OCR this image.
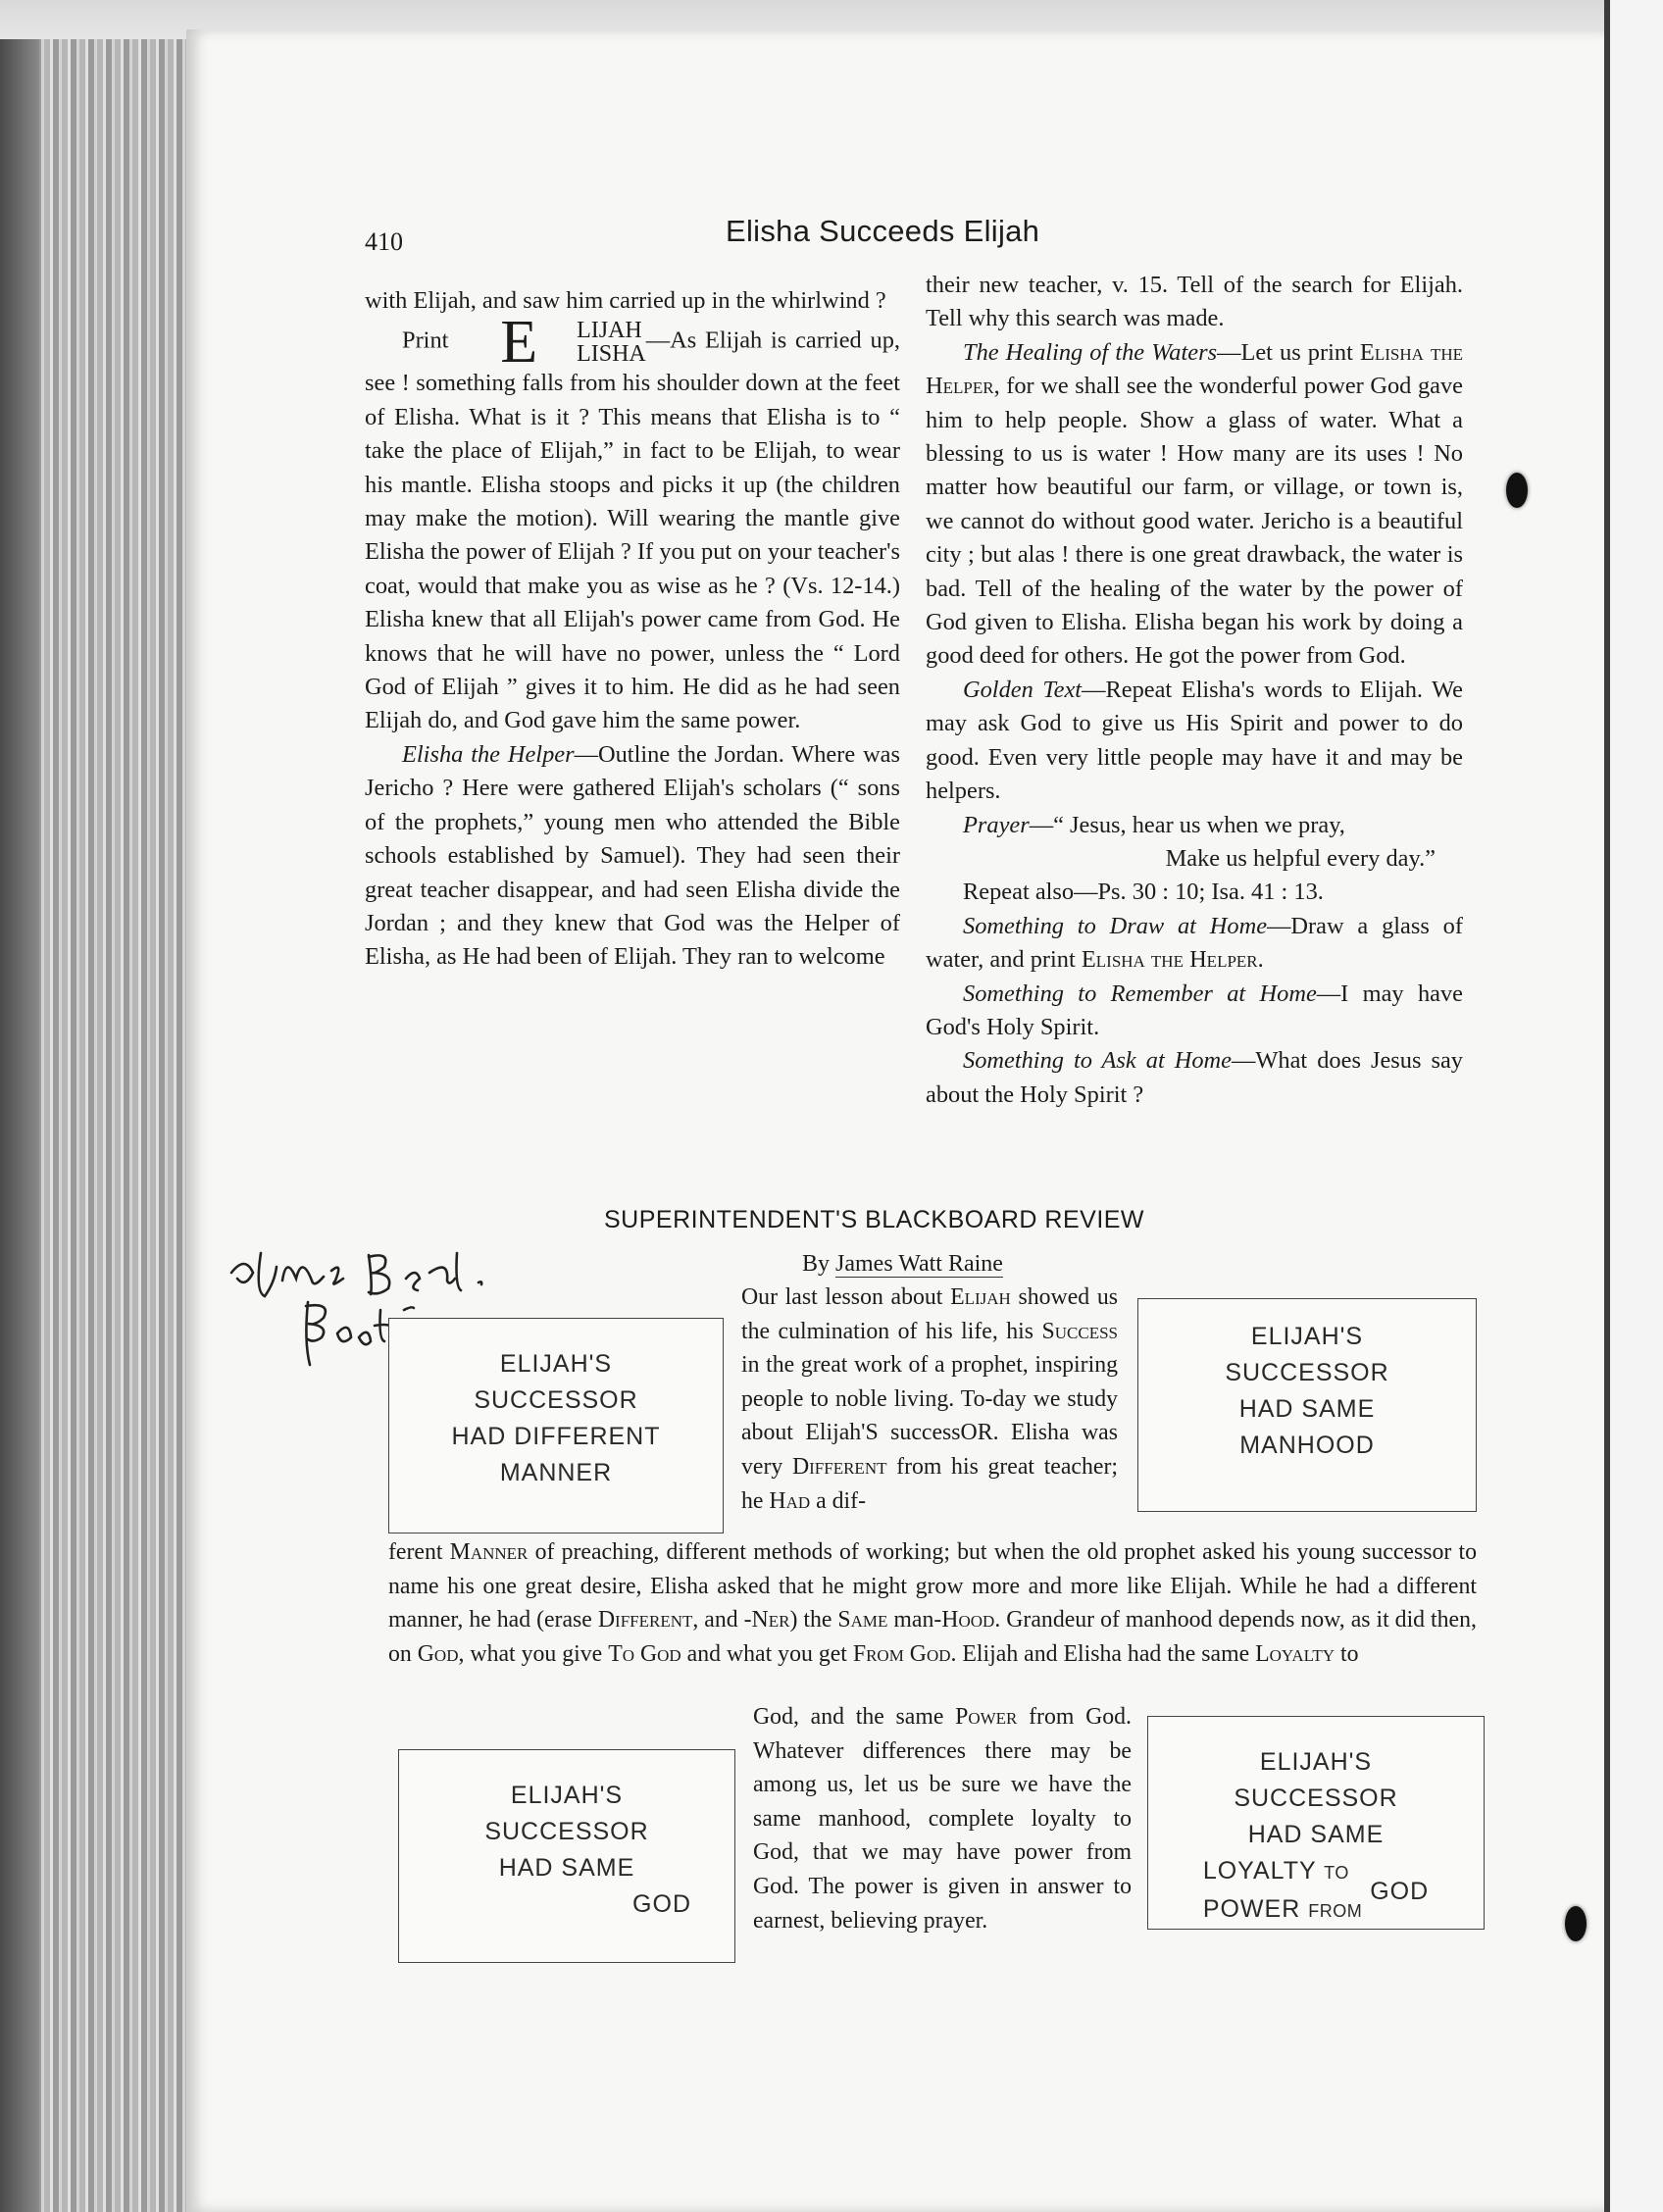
410	Elisha Succeeds Elijah

with Elijah, and saw him carried up in the whirlwind ?

Print E	LIJAH
LISHA
—As Elijah is carried up, see ! something falls from his shoulder down at the feet of Elisha. What is it ? This means that Elisha is to “ take the place of Elijah,” in fact to be Elijah, to wear his mantle. Elisha stoops and picks it up (the children may make the motion). Will wearing the mantle give Elisha the power of Elijah ? If you put on your teacher's coat, would that make you as wise as he ? (Vs. 12-14.) Elisha knew that all Elijah's power came from God. He knows that he will have no power, unless the “ Lord God of Elijah ” gives it to him. He did as he had seen Elijah do, and God gave him the same power.

Elisha the Helper—Outline the Jordan. Where was Jericho ? Here were gathered Elijah's scholars (“ sons of the prophets,” young men who attended the Bible schools established by Samuel). They had seen their great teacher disappear, and had seen Elisha divide the Jordan ; and they knew that God was the Helper of Elisha, as He had been of Elijah. They ran to welcome

their new teacher, v. 15. Tell of the search for Elijah. Tell why this search was made.

The Healing of the Waters—Let us print Elisha the Helper, for we shall see the wonderful power God gave him to help people. Show a glass of water. What a blessing to us is water ! How many are its uses ! No matter how beautiful our farm, or village, or town is, we cannot do without good water. Jericho is a beautiful city ; but alas ! there is one great drawback, the water is bad. Tell of the healing of the water by the power of God given to Elisha. Elisha began his work by doing a good deed for others. He got the power from God.

Golden Text—Repeat Elisha's words to Elijah. We may ask God to give us His Spirit and power to do good. Even very little people may have it and may be helpers.

Prayer—“ Jesus, hear us when we pray,

Make us helpful every day.”

Repeat also—Ps. 30 : 10; Isa. 41 : 13.

Something to Draw at Home—Draw a glass of water, and print Elisha the Helper.

Something to Remember at Home—I may have God's Holy Spirit.

Something to Ask at Home—What does Jesus say about the Holy Spirit ?

SUPERINTENDENT'S BLACKBOARD REVIEW
By James Watt Raine
ELIJAH'S
SUCCESSOR
HAD DIFFERENT
MANNER
ELIJAH'S
SUCCESSOR
HAD SAME
MANHOOD
Our last lesson about Elijah showed us the culmination of his life, his Success in the great work of a prophet, inspiring people to noble living. To-day we study about Elijah'S successOR. Elisha was very Different from his great teacher; he Had a dif-
ferent Manner of preaching, different methods of working; but when the old prophet asked his young successor to name his one great desire, Elisha asked that he might grow more and more like Elijah. While he had a different manner, he had (erase Different, and -Ner) the Same man-Hood. Grandeur of manhood depends now, as it did then, on God, what you give To God and what you get From God. Elijah and Elisha had the same Loyalty to
ELIJAH'S
SUCCESSOR
HAD SAME
GOD
God, and the same Power from God. Whatever differences there may be among us, let us be sure we have the same manhood, complete loyalty to God, that we may have power from God. The power is given in answer to earnest, believing prayer.
ELIJAH'S
SUCCESSOR
HAD SAME
LOYALTY TO
POWER FROM
GOD
